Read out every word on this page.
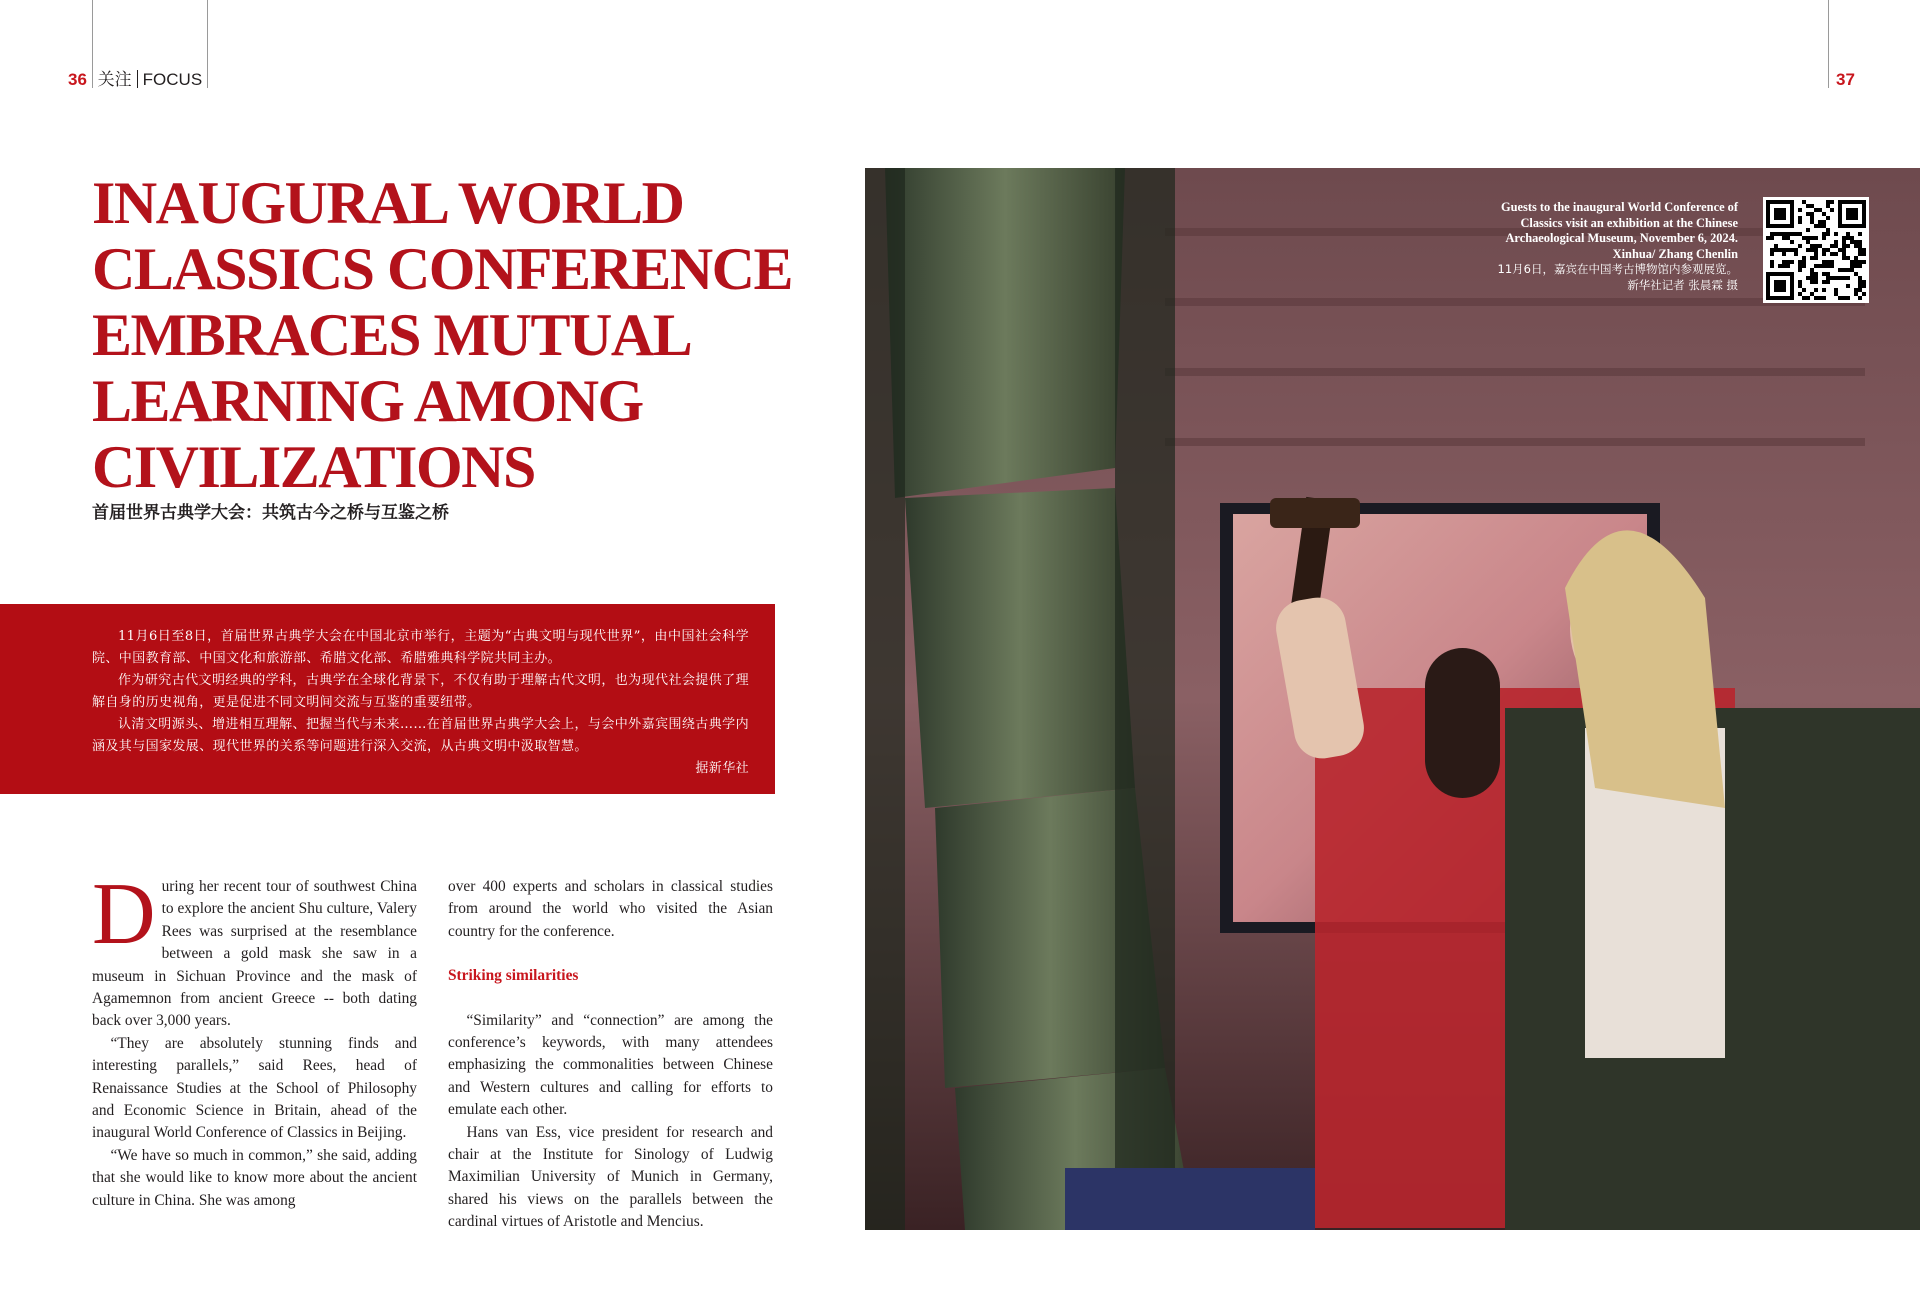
36 关注 FOCUS	37
INAUGURAL WORLD
CLASSICS CONFERENCE
EMBRACES MUTUAL
LEARNING AMONG
CIVILIZATIONS
首届世界古典学大会：共筑古今之桥与互鉴之桥

11月6日至8日，首届世界古典学大会在中国北京市举行，主题为“古典文明与现代世界”，由中国社会科学院、中国教育部、中国文化和旅游部、希腊文化部、希腊雅典科学院共同主办。

作为研究古代文明经典的学科，古典学在全球化背景下，不仅有助于理解古代文明，也为现代社会提供了理解自身的历史视角，更是促进不同文明间交流与互鉴的重要纽带。

认清文明源头、增进相互理解、把握当代与未来……在首届世界古典学大会上，与会中外嘉宾围绕古典学内涵及其与国家发展、现代世界的关系等问题进行深入交流，从古典文明中汲取智慧。

据新华社

During her recent tour of southwest China to explore the ancient Shu culture, Valery Rees was surprised at the resemblance between a gold mask she saw in a museum in Sichuan Province and the mask of Agamemnon from ancient Greece -- both dating back over 3,000 years.

“They are absolutely stunning finds and interesting parallels,” said Rees, head of Renaissance Studies at the School of Philosophy and Economic Science in Britain, ahead of the inaugural World Conference of Classics in Beijing.

“We have so much in common,” she said, adding that she would like to know more about the ancient culture in China. She was among

over 400 experts and scholars in classical studies from around the world who visited the Asian country for the conference.

Striking similarities

“Similarity” and “connection” are among the conference’s keywords, with many attendees emphasizing the commonalities between Chinese and Western cultures and calling for efforts to emulate each other.

Hans van Ess, vice president for research and chair at the Institute for Sinology of Ludwig Maximilian University of Munich in Germany, shared his views on the parallels between the cardinal virtues of Aristotle and Mencius.

Guests to the inaugural World Conference of Classics visit an exhibition at the Chinese Archaeological Museum, November 6, 2024. Xinhua/ Zhang Chenlin

11月6日，嘉宾在中国考古博物馆内参观展览。

新华社记者 张晨霖 摄
